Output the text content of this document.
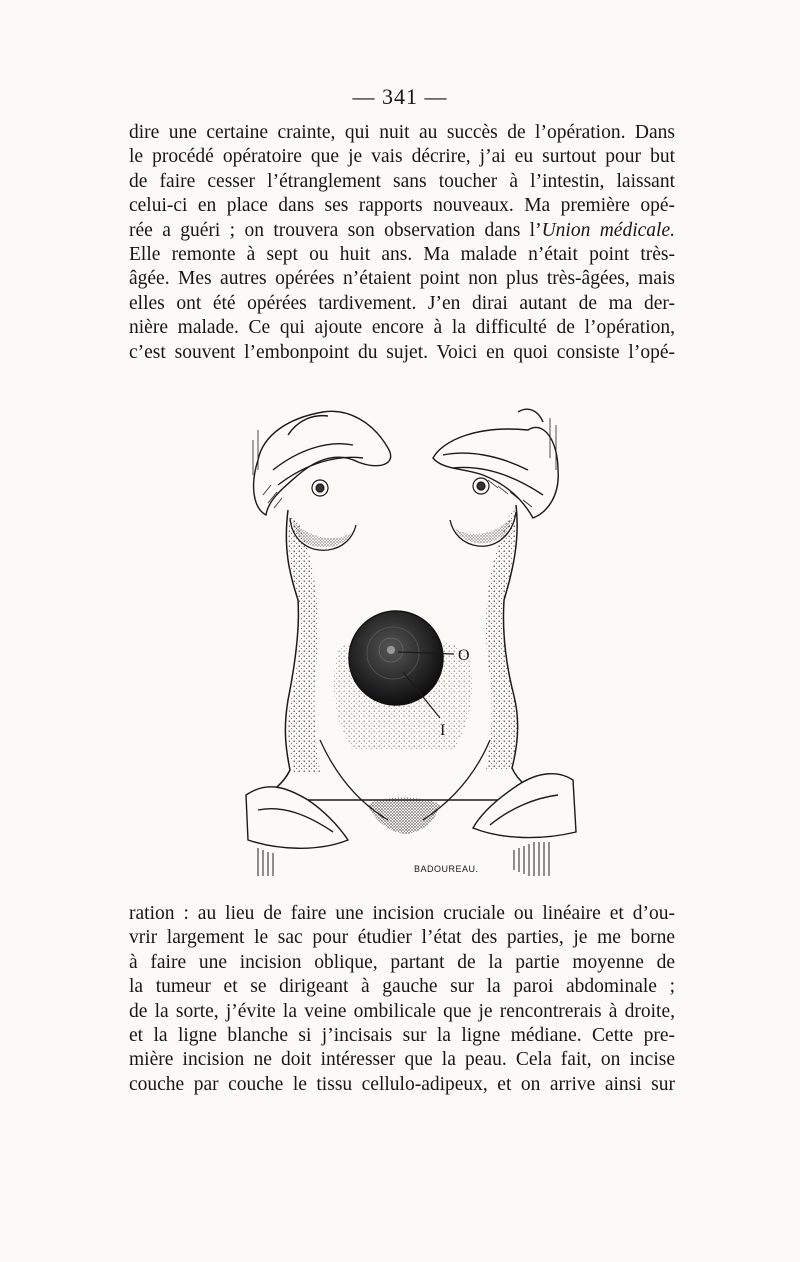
— 341 —
dire une certaine crainte, qui nuit au succès de l’opération. Dans
le procédé opératoire que je vais décrire, j’ai eu surtout pour but
de faire cesser l’étranglement sans toucher à l’intestin, laissant
celui-ci en place dans ses rapports nouveaux. Ma première opé-
rée a guéri ; on trouvera son observation dans l’Union médicale.
Elle remonte à sept ou huit ans. Ma malade n’était point très-
âgée. Mes autres opérées n’étaient point non plus très-âgées, mais
elles ont été opérées tardivement. J’en dirai autant de ma der-
nière malade. Ce qui ajoute encore à la difficulté de l’opération,
c’est souvent l’embonpoint du sujet. Voici en quoi consiste l’opé-
O
I
BADOUREAU.
ration : au lieu de faire une incision cruciale ou linéaire et d’ou-
vrir largement le sac pour étudier l’état des parties, je me borne
à faire une incision oblique, partant de la partie moyenne de
la tumeur et se dirigeant à gauche sur la paroi abdominale ;
de la sorte, j’évite la veine ombilicale que je rencontrerais à droite,
et la ligne blanche si j’incisais sur la ligne médiane. Cette pre-
mière incision ne doit intéresser que la peau. Cela fait, on incise
couche par couche le tissu cellulo-adipeux, et on arrive ainsi sur
